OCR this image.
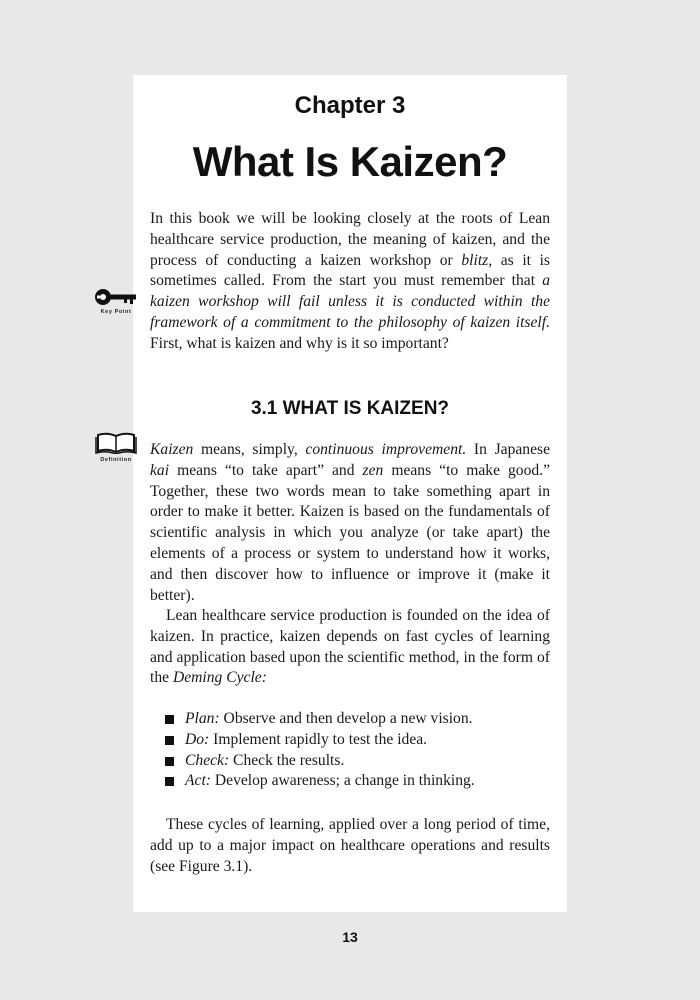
Chapter 3
What Is Kaizen?
Key Point
In this book we will be looking closely at the roots of Lean healthcare service production, the meaning of kaizen, and the process of conducting a kaizen workshop or blitz, as it is sometimes called. From the start you must remember that a kaizen workshop will fail unless it is conducted within the framework of a commitment to the philosophy of kaizen itself. First, what is kaizen and why is it so important?
3.1 WHAT IS KAIZEN?
Definition
Kaizen means, simply, continuous improvement. In Japanese kai means “to take apart” and zen means “to make good.” Together, these two words mean to take something apart in order to make it better. Kaizen is based on the fundamentals of scientific analysis in which you analyze (or take apart) the elements of a process or system to understand how it works, and then discover how to influence or improve it (make it better).
Lean healthcare service production is founded on the idea of kaizen. In practice, kaizen depends on fast cycles of learning and application based upon the scientific method, in the form of the Deming Cycle:
Plan: Observe and then develop a new vision.
Do: Implement rapidly to test the idea.
Check: Check the results.
Act: Develop awareness; a change in thinking.
These cycles of learning, applied over a long period of time, add up to a major impact on healthcare operations and results (see Figure 3.1).
13
